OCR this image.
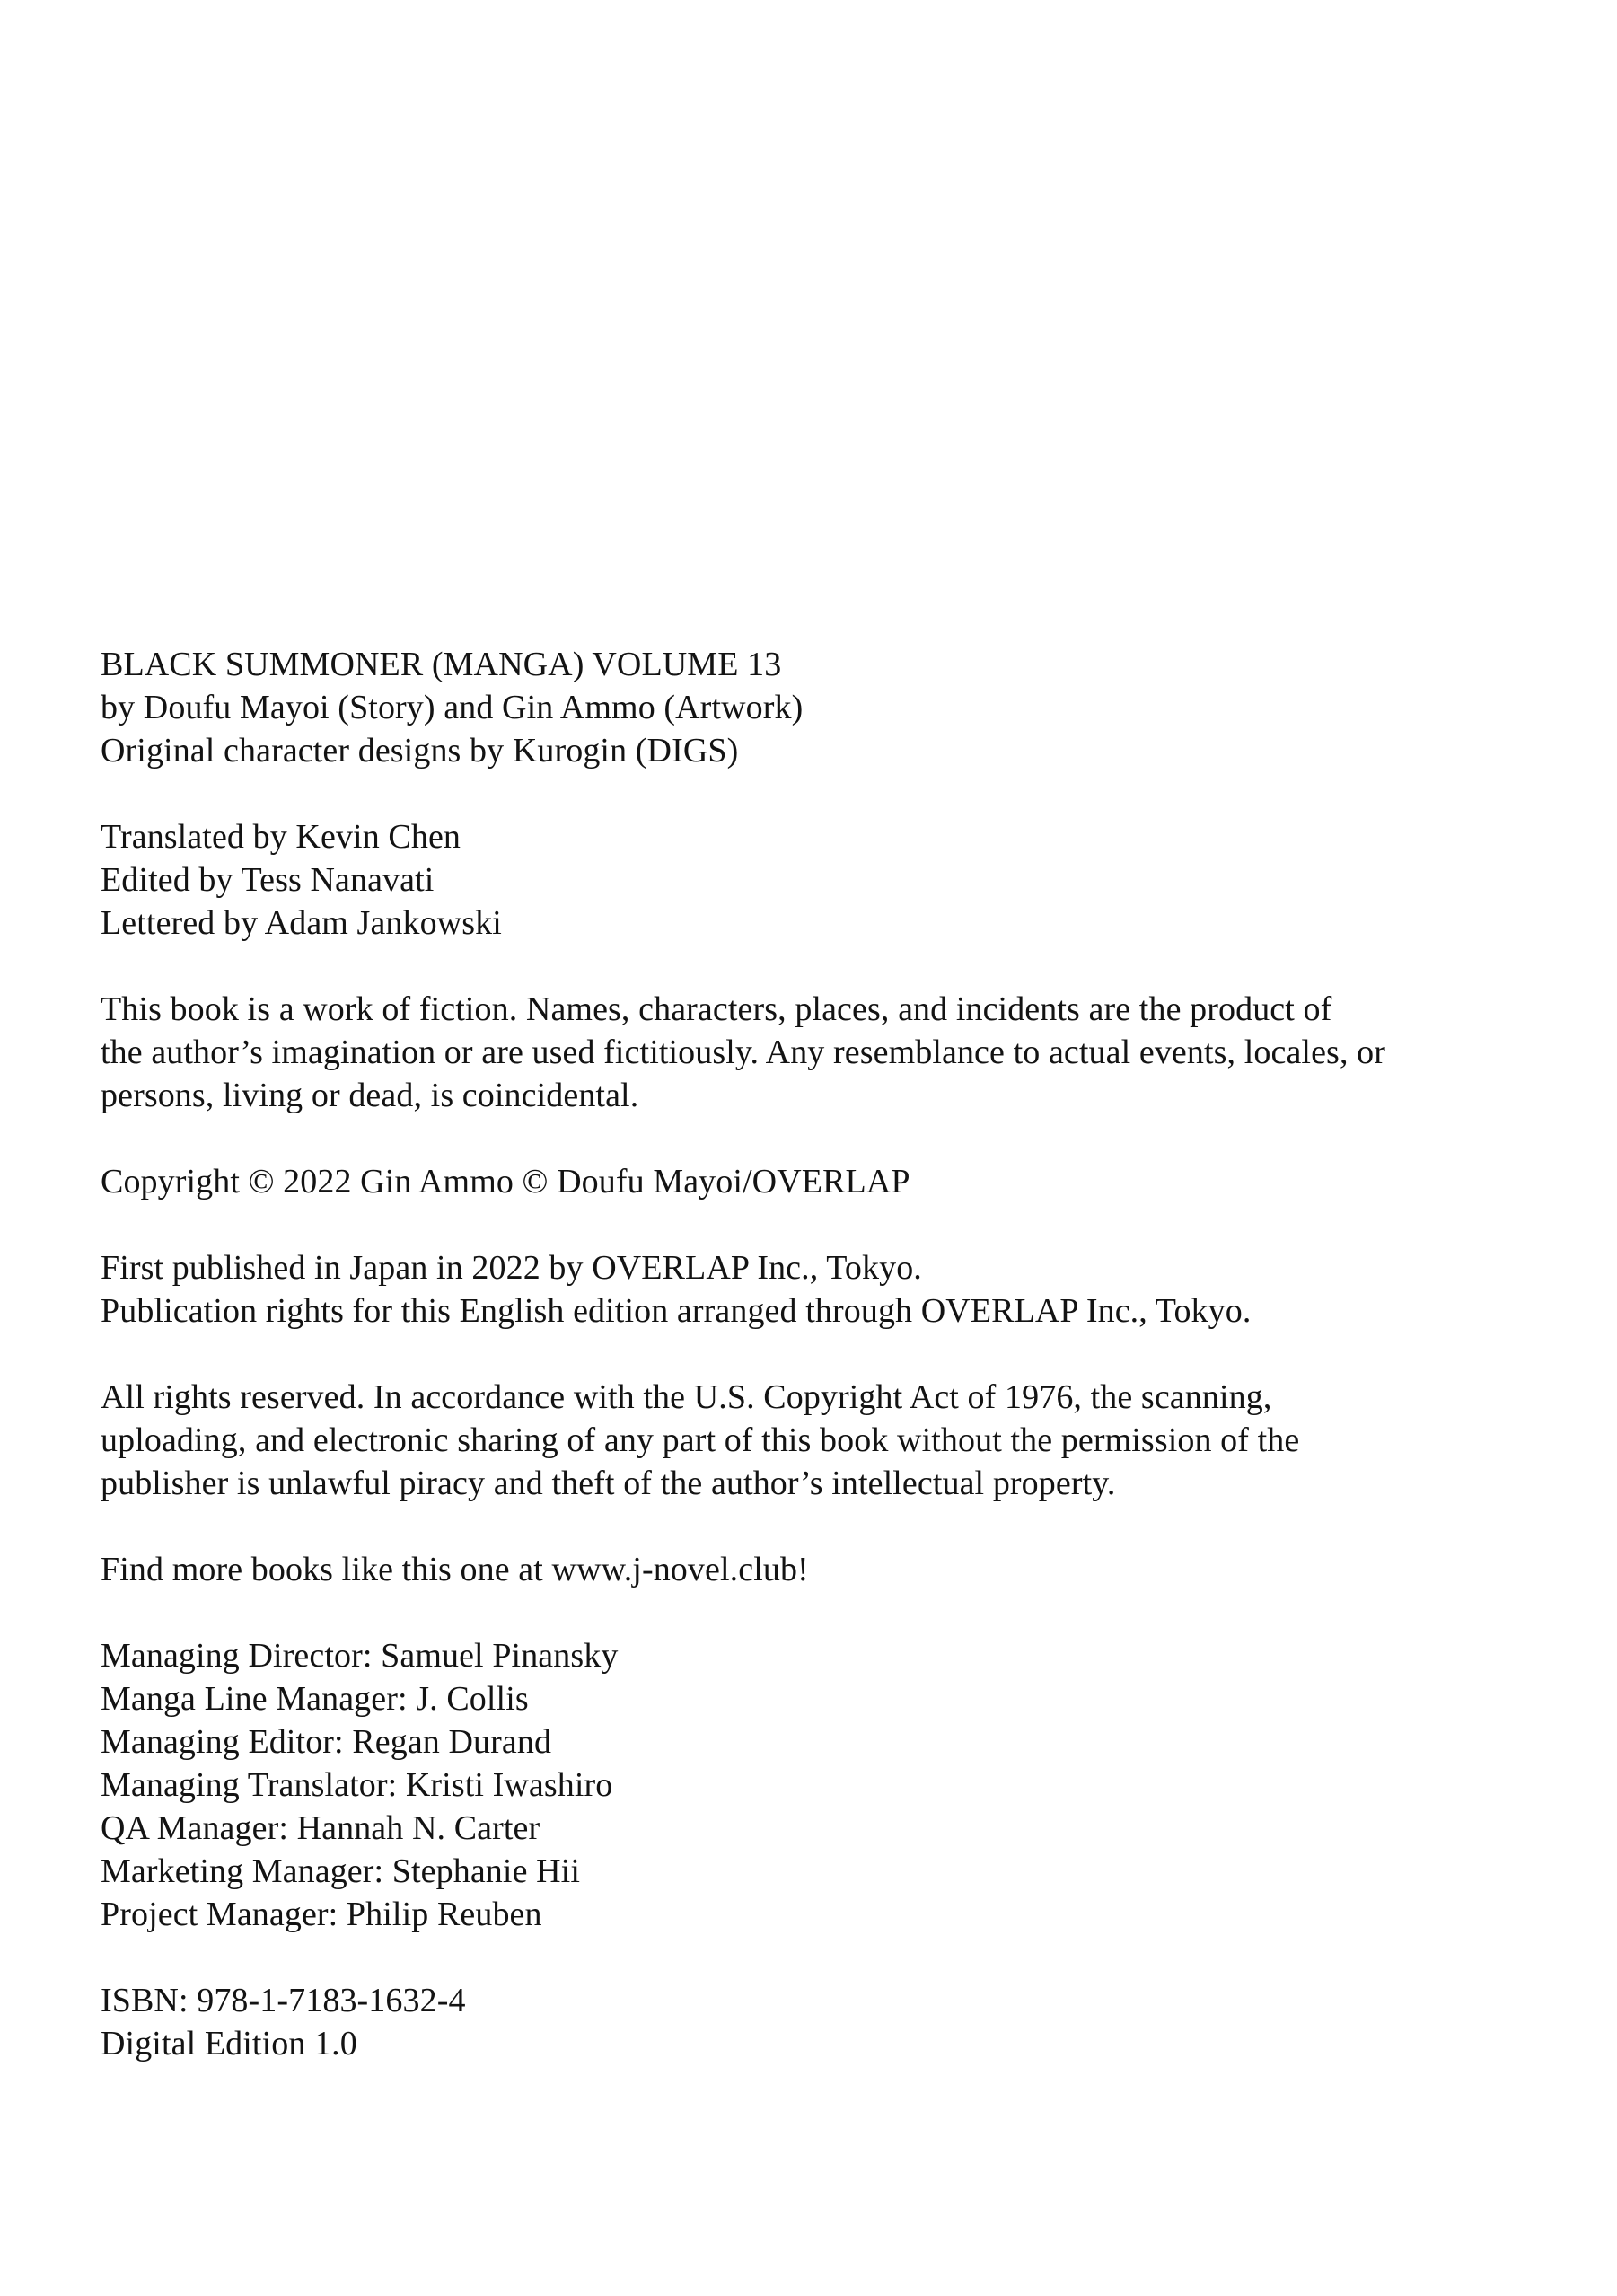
BLACK SUMMONER (MANGA) VOLUME 13
by Doufu Mayoi (Story) and Gin Ammo (Artwork)
Original character designs by Kurogin (DIGS)

Translated by Kevin Chen
Edited by Tess Nanavati
Lettered by Adam Jankowski

This book is a work of fiction. Names, characters, places, and incidents are the product of
the author’s imagination or are used fictitiously. Any resemblance to actual events, locales, or
persons, living or dead, is coincidental.

Copyright © 2022 Gin Ammo © Doufu Mayoi/OVERLAP

First published in Japan in 2022 by OVERLAP Inc., Tokyo.
Publication rights for this English edition arranged through OVERLAP Inc., Tokyo.

All rights reserved. In accordance with the U.S. Copyright Act of 1976, the scanning,
uploading, and electronic sharing of any part of this book without the permission of the
publisher is unlawful piracy and theft of the author’s intellectual property.

Find more books like this one at www.j-novel.club!

Managing Director: Samuel Pinansky
Manga Line Manager: J. Collis
Managing Editor: Regan Durand
Managing Translator: Kristi Iwashiro
QA Manager: Hannah N. Carter
Marketing Manager: Stephanie Hii
Project Manager: Philip Reuben

ISBN: 978-1-7183-1632-4
Digital Edition 1.0
